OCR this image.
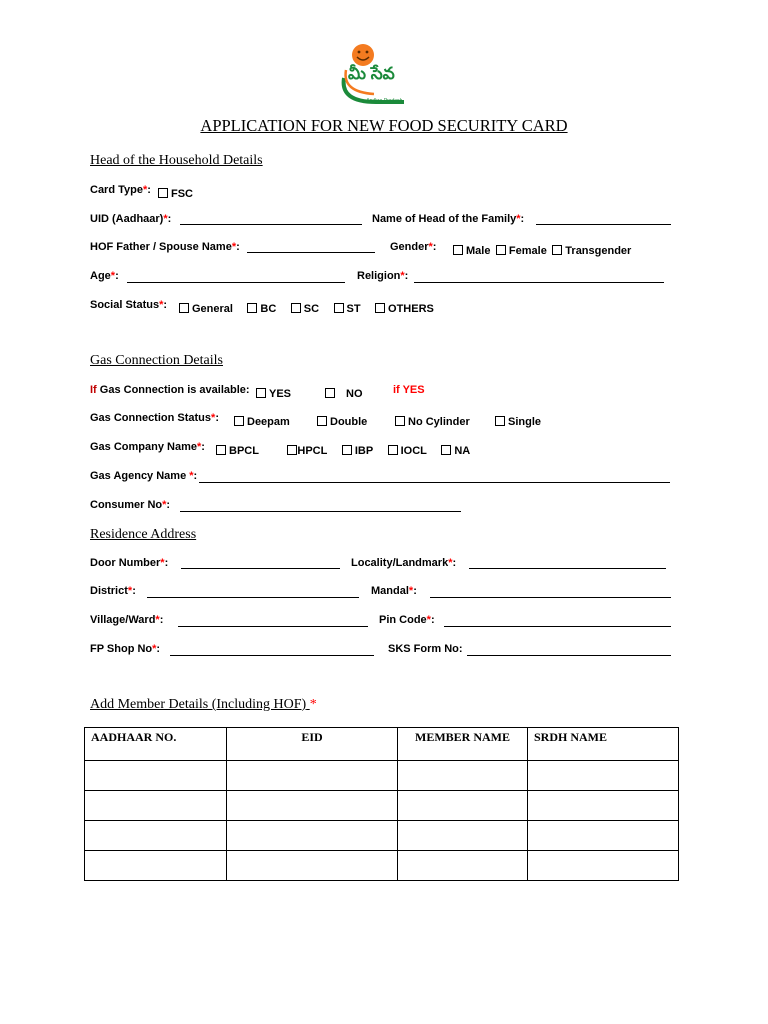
మీ సేవ
Andhra Pradesh
APPLICATION FOR NEW FOOD SECURITY CARD
Head of the Household Details
Card Type*:	FSC
UID (Aadhaar)*:	Name of Head of the Family*:
HOF Father / Spouse Name*:	Gender*:	Male Female Transgender
Age*:	Religion*:
Social Status*:	General BC SC ST OTHERS
Gas Connection Details
If Gas Connection is available:	YES	NO	if YES
Gas Connection Status*:	Deepam	Double	No Cylinder	Single
Gas Company Name*:	BPCL	HPCL IBP IOCL NA
Gas Agency Name *:
Consumer No*:
Residence Address
Door Number*:	Locality/Landmark*:
District*:	Mandal*:
Village/Ward*:	Pin Code*:
FP Shop No*:	SKS Form No:
Add Member Details (Including HOF) *
AADHAAR NO.	EID	MEMBER NAME	SRDH NAME
